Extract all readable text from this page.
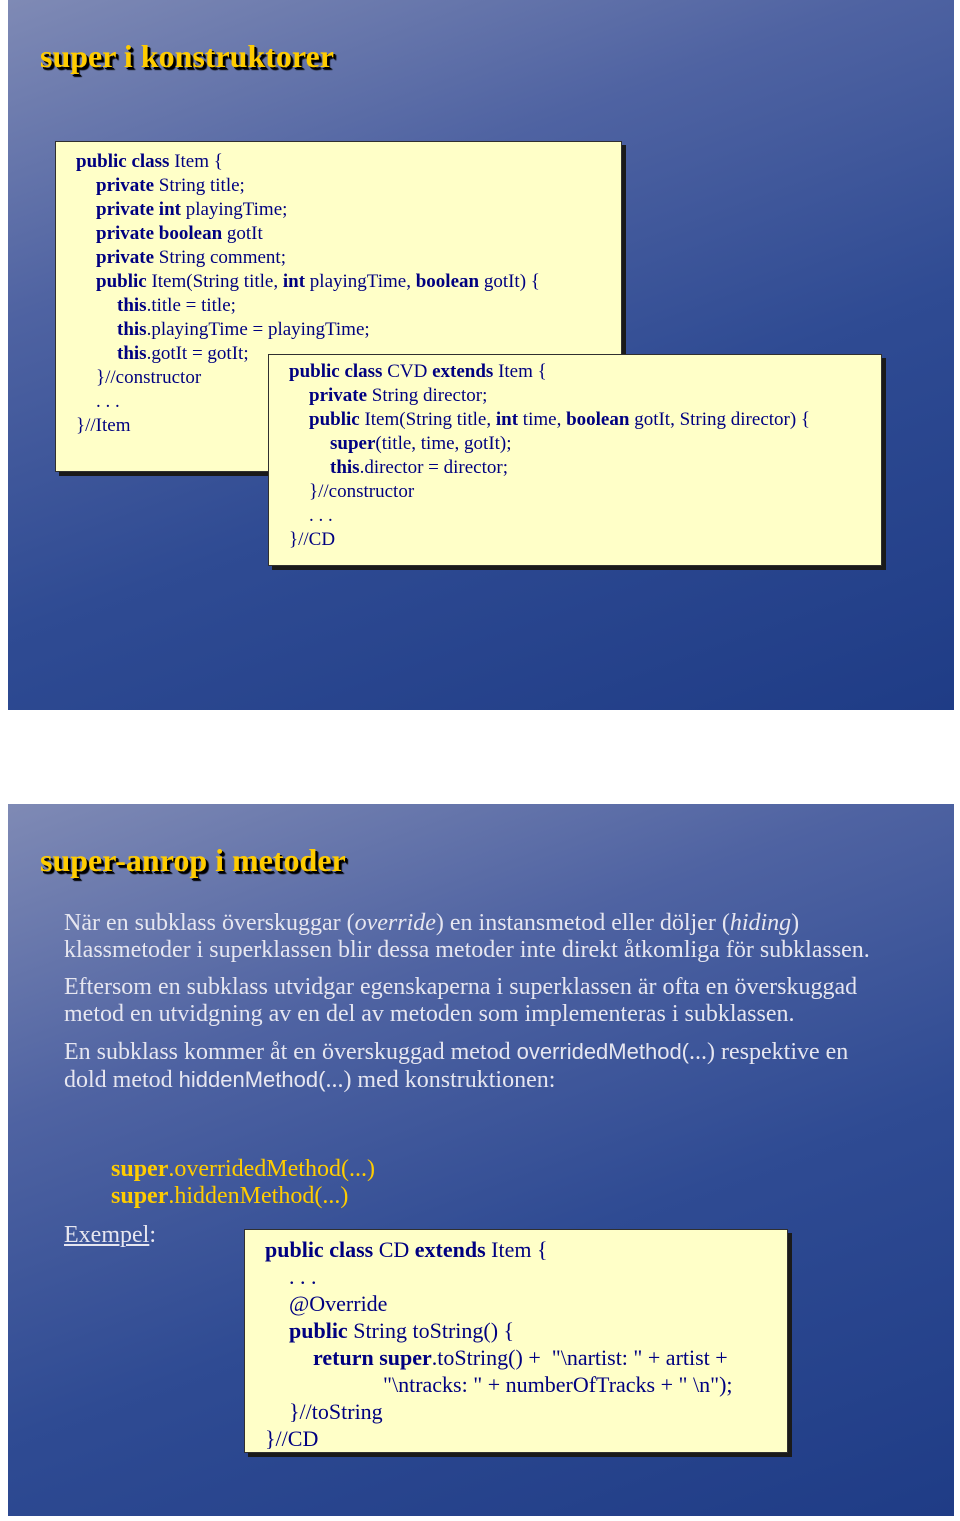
super i konstruktorer
public class Item {
private String title;
private int playingTime;
private boolean gotIt
private String comment;
public Item(String title, int playingTime, boolean gotIt) {
this.title = title;
this.playingTime = playingTime;
this.gotIt = gotIt;
}//constructor
. . .
}//Item
public class CVD extends Item {
private String director;
public Item(String title, int time, boolean gotIt, String director) {
super(title, time, gotIt);
this.director = director;
}//constructor
. . .
}//CD
super-anrop i metoder

När en subklass överskuggar (override) en instansmetod eller döljer (hiding) klassmetoder i superklassen blir dessa metoder inte direkt åtkomliga för subklassen.

Eftersom en subklass utvidgar egenskaperna i superklassen är ofta en överskuggad metod en utvidgning av en del av metoden som implementeras i subklassen.

En subklass kommer åt en överskuggad metod overridedMethod(...) respektive en dold metod hiddenMethod(...) med konstruktionen:

super.overridedMethod(...)
super.hiddenMethod(...)
Exempel:
public class CD extends Item {
. . .
@Override
public String toString() {
return super.toString() +  "\nartist: " + artist +
"\ntracks: " + numberOfTracks + " \n");
}//toString
}//CD
